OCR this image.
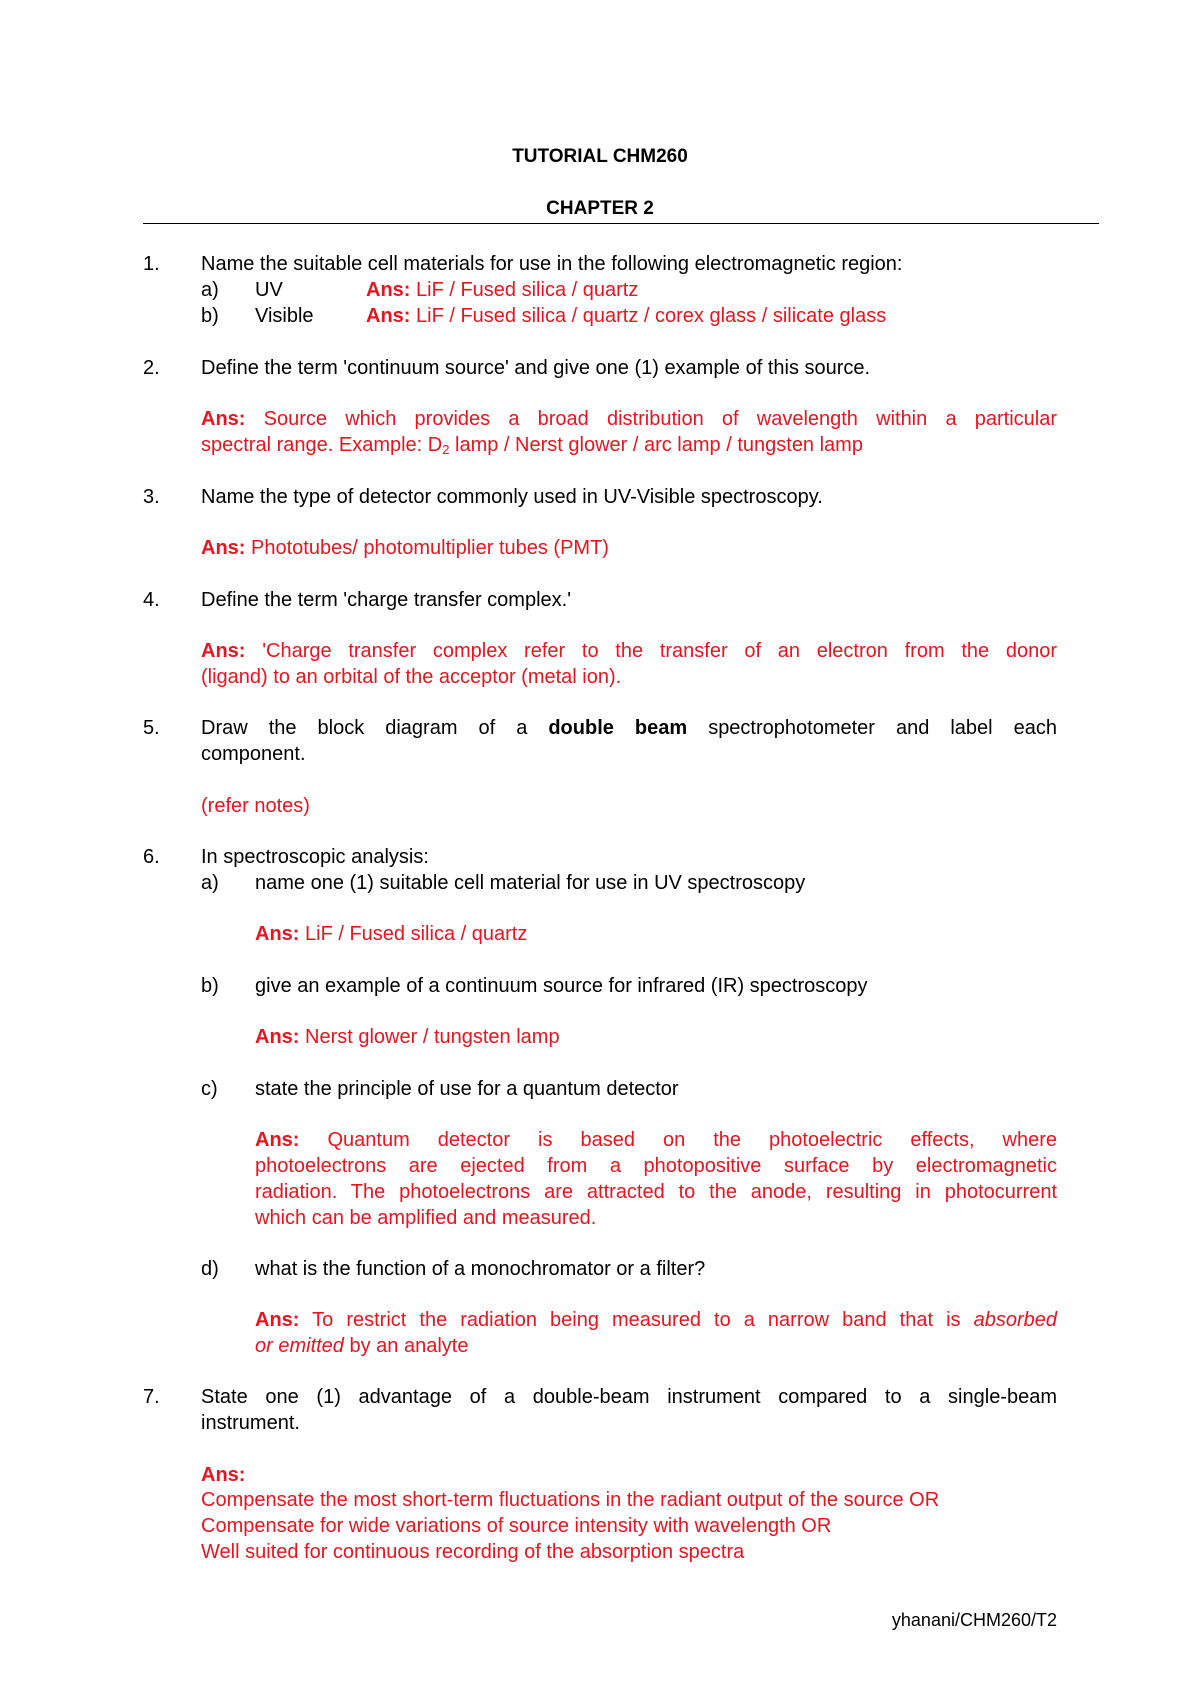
TUTORIAL CHM260
CHAPTER 2
1. Name the suitable cell materials for use in the following electromagnetic region:
a) UV	Ans: LiF / Fused silica / quartz
b) Visible	Ans: LiF / Fused silica / quartz / corex glass / silicate glass
2. Define the term 'continuum source' and give one (1) example of this source.
Ans: Source which provides a broad distribution of wavelength within a particular
spectral range. Example: $D_2$ lamp / Nerst glower / arc lamp / tungsten lamp
3. Name the type of detector commonly used in UV-Visible spectroscopy.
Ans: Phototubes/ photomultiplier tubes (PMT)
4. Define the term 'charge transfer complex.'
Ans: 'Charge transfer complex refer to the transfer of an electron from the donor
(ligand) to an orbital of the acceptor (metal ion).
5. Draw the block diagram of a double beam spectrophotometer and label each
component.
(refer notes)
6. In spectroscopic analysis:
a) name one (1) suitable cell material for use in UV spectroscopy
Ans: LiF / Fused silica / quartz
b) give an example of a continuum source for infrared (IR) spectroscopy
Ans: Nerst glower / tungsten lamp
c) state the principle of use for a quantum detector
Ans: Quantum detector is based on the photoelectric effects, where
photoelectrons are ejected from a photopositive surface by electromagnetic
radiation. The photoelectrons are attracted to the anode, resulting in photocurrent
which can be amplified and measured.
d) what is the function of a monochromator or a filter?
Ans: To restrict the radiation being measured to a narrow band that is absorbed
or emitted by an analyte
7. State one (1) advantage of a double-beam instrument compared to a single-beam
instrument.
Ans:
Compensate the most short-term fluctuations in the radiant output of the source OR
Compensate for wide variations of source intensity with wavelength OR
Well suited for continuous recording of the absorption spectra
yhanani/CHM260/T2
